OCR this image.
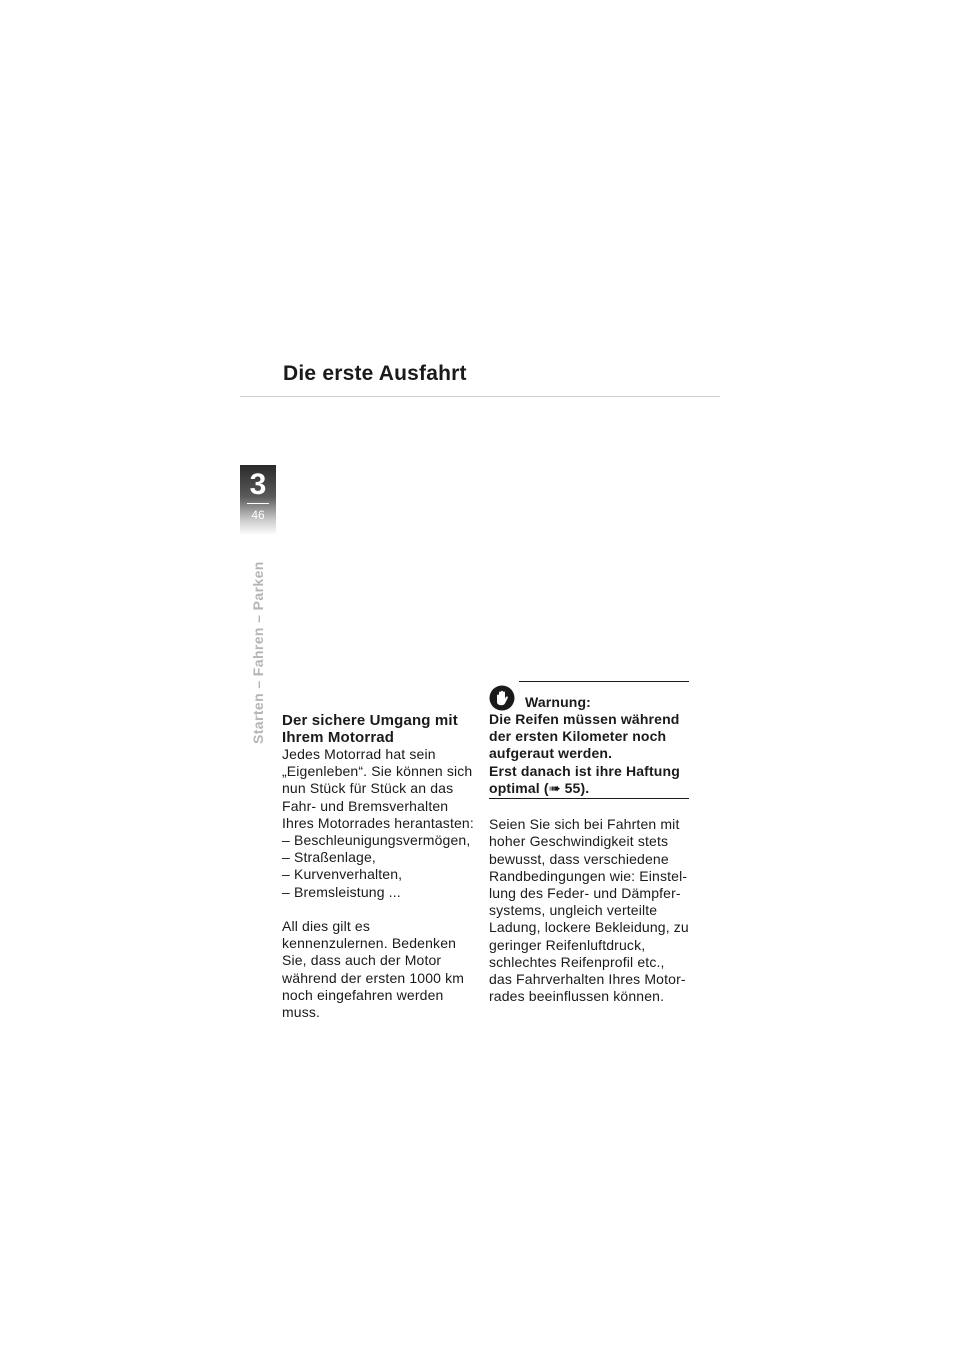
Die erste Ausfahrt
3
46
Starten – Fahren – Parken Der sichere Umgang mit Ihrem Motorrad

Jedes Motorrad hat sein „Eigenleben“. Sie können sich nun Stück für Stück an das Fahr- und Bremsverhalten Ihres Motorrades herantasten:

– Beschleunigungsvermögen,
– Straßenlage,
– Kurvenverhalten,
– Bremsleistung ...

All dies gilt es kennenzulernen. Bedenken Sie, dass auch der Motor während der ersten 1000 km noch eingefahren werden muss.

Warnung:

Die Reifen müssen während der ersten Kilometer noch aufgeraut werden.

Erst danach ist ihre Haftung optimal (➠ 55).

Seien Sie sich bei Fahrten mit hoher Geschwindigkeit stets bewusst, dass verschiedene Randbedingungen wie: Einstel- lung des Feder- und Dämpfer- systems, ungleich verteilte Ladung, lockere Bekleidung, zu geringer Reifenluftdruck, schlechtes Reifenprofil etc., das Fahrverhalten Ihres Motor- rades beeinflussen können.
